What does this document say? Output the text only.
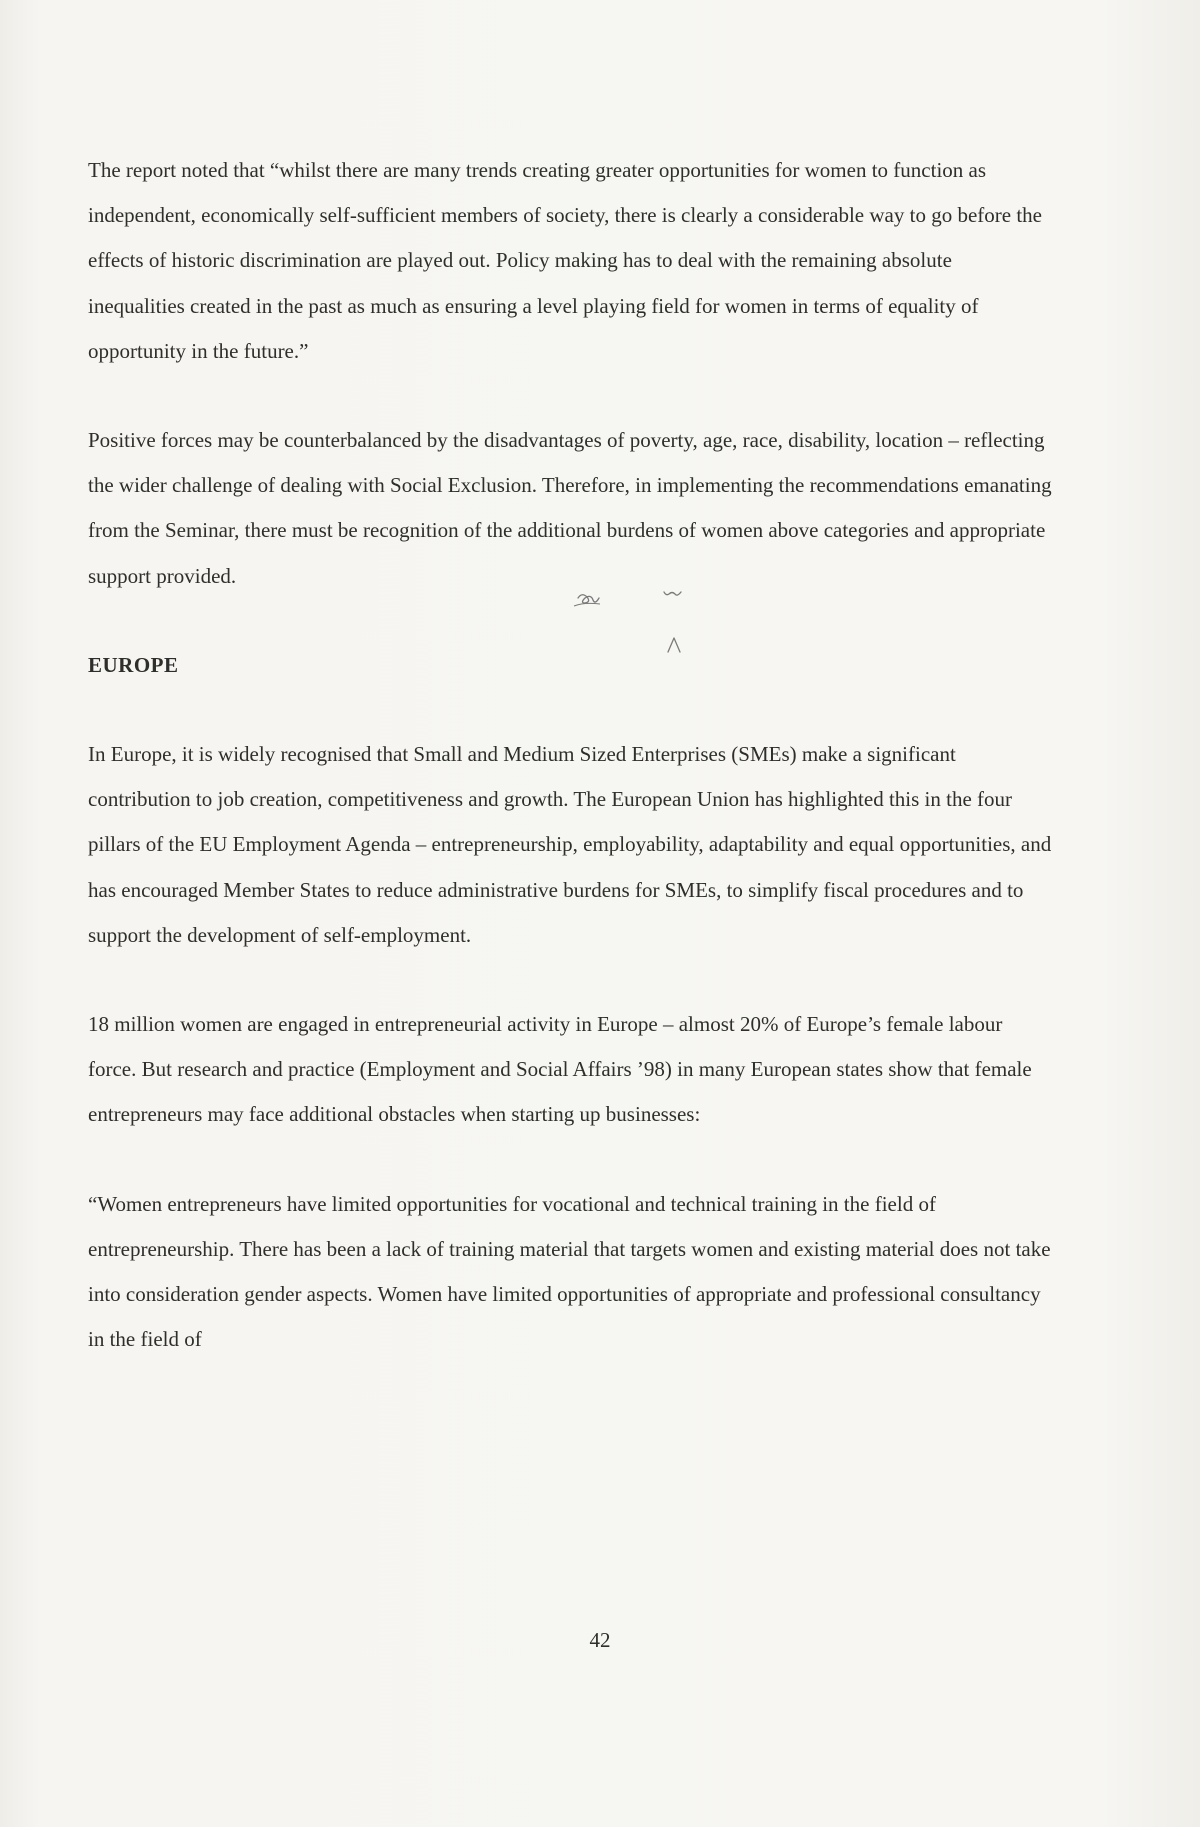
The report noted that “whilst there are many trends creating greater opportunities for women to function as independent, economically self-sufficient members of society, there is clearly a considerable way to go before the effects of historic discrimination are played out. Policy making has to deal with the remaining absolute inequalities created in the past as much as ensuring a level playing field for women in terms of equality of opportunity in the future.”

Positive forces may be counterbalanced by the disadvantages of poverty, age, race, disability, location – reflecting the wider challenge of dealing with Social Exclusion. Therefore, in implementing the recommendations emanating from the Seminar, there must be recognition of the additional burdens of women above categories and appropriate support provided.

EUROPE

In Europe, it is widely recognised that Small and Medium Sized Enterprises (SMEs) make a significant contribution to job creation, competitiveness and growth. The European Union has highlighted this in the four pillars of the EU Employment Agenda – entrepreneurship, employability, adaptability and equal opportunities, and has encouraged Member States to reduce administrative burdens for SMEs, to simplify fiscal procedures and to support the development of self-employment.

18 million women are engaged in entrepreneurial activity in Europe – almost 20% of Europe’s female labour force. But research and practice (Employment and Social Affairs ’98) in many European states show that female entrepreneurs may face additional obstacles when starting up businesses:

“Women entrepreneurs have limited opportunities for vocational and technical training in the field of entrepreneurship. There has been a lack of training material that targets women and existing material does not take into consideration gender aspects. Women have limited opportunities of appropriate and professional consultancy in the field of

42
